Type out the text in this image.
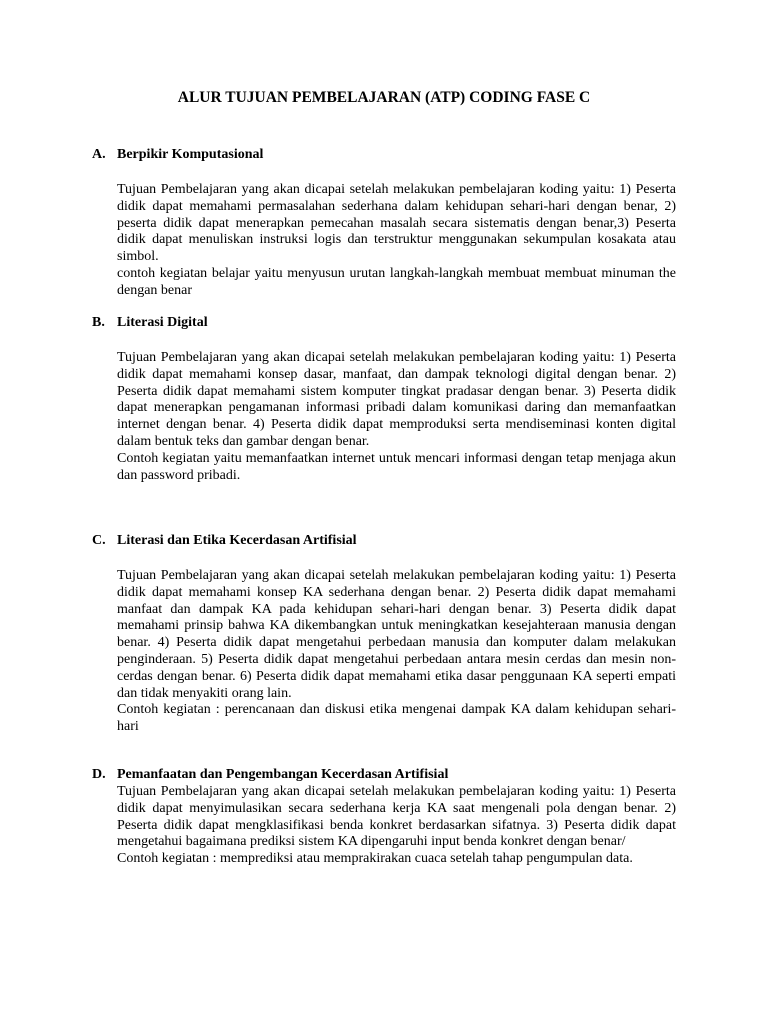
ALUR TUJUAN PEMBELAJARAN (ATP) CODING FASE C
A. Berpikir Komputasional

Tujuan Pembelajaran yang akan dicapai setelah melakukan pembelajaran koding yaitu: 1) Peserta didik dapat memahami permasalahan sederhana dalam kehidupan sehari-hari dengan benar, 2) peserta didik dapat menerapkan pemecahan masalah secara sistematis dengan benar,3) Peserta didik dapat menuliskan instruksi logis dan terstruktur menggunakan sekumpulan kosakata atau simbol.

contoh kegiatan belajar yaitu menyusun urutan langkah-langkah membuat membuat minuman the dengan benar

B. Literasi Digital

Tujuan Pembelajaran yang akan dicapai setelah melakukan pembelajaran koding yaitu: 1) Peserta didik dapat memahami konsep dasar, manfaat, dan dampak teknologi digital dengan benar. 2) Peserta didik dapat memahami sistem komputer tingkat pradasar dengan benar. 3) Peserta didik dapat menerapkan pengamanan informasi pribadi dalam komunikasi daring dan memanfaatkan internet dengan benar. 4) Peserta didik dapat memproduksi serta mendiseminasi konten digital dalam bentuk teks dan gambar dengan benar.

Contoh kegiatan yaitu memanfaatkan internet untuk mencari informasi dengan tetap menjaga akun dan password pribadi.

C. Literasi dan Etika Kecerdasan Artifisial

Tujuan Pembelajaran yang akan dicapai setelah melakukan pembelajaran koding yaitu: 1) Peserta didik dapat memahami konsep KA sederhana dengan benar. 2) Peserta didik dapat memahami manfaat dan dampak KA pada kehidupan sehari-hari dengan benar. 3) Peserta didik dapat memahami prinsip bahwa KA dikembangkan untuk meningkatkan kesejahteraan manusia dengan benar. 4) Peserta didik dapat mengetahui perbedaan manusia dan komputer dalam melakukan penginderaan. 5) Peserta didik dapat mengetahui perbedaan antara mesin cerdas dan mesin non-cerdas dengan benar. 6) Peserta didik dapat memahami etika dasar penggunaan KA seperti empati dan tidak menyakiti orang lain.

Contoh kegiatan : perencanaan dan diskusi etika mengenai dampak KA dalam kehidupan sehari-hari

D. Pemanfaatan dan Pengembangan Kecerdasan Artifisial

Tujuan Pembelajaran yang akan dicapai setelah melakukan pembelajaran koding yaitu: 1) Peserta didik dapat menyimulasikan secara sederhana kerja KA saat mengenali pola dengan benar. 2) Peserta didik dapat mengklasifikasi benda konkret berdasarkan sifatnya. 3) Peserta didik dapat mengetahui bagaimana prediksi sistem KA dipengaruhi input benda konkret dengan benar/

Contoh kegiatan : memprediksi atau memprakirakan cuaca setelah tahap pengumpulan data.
